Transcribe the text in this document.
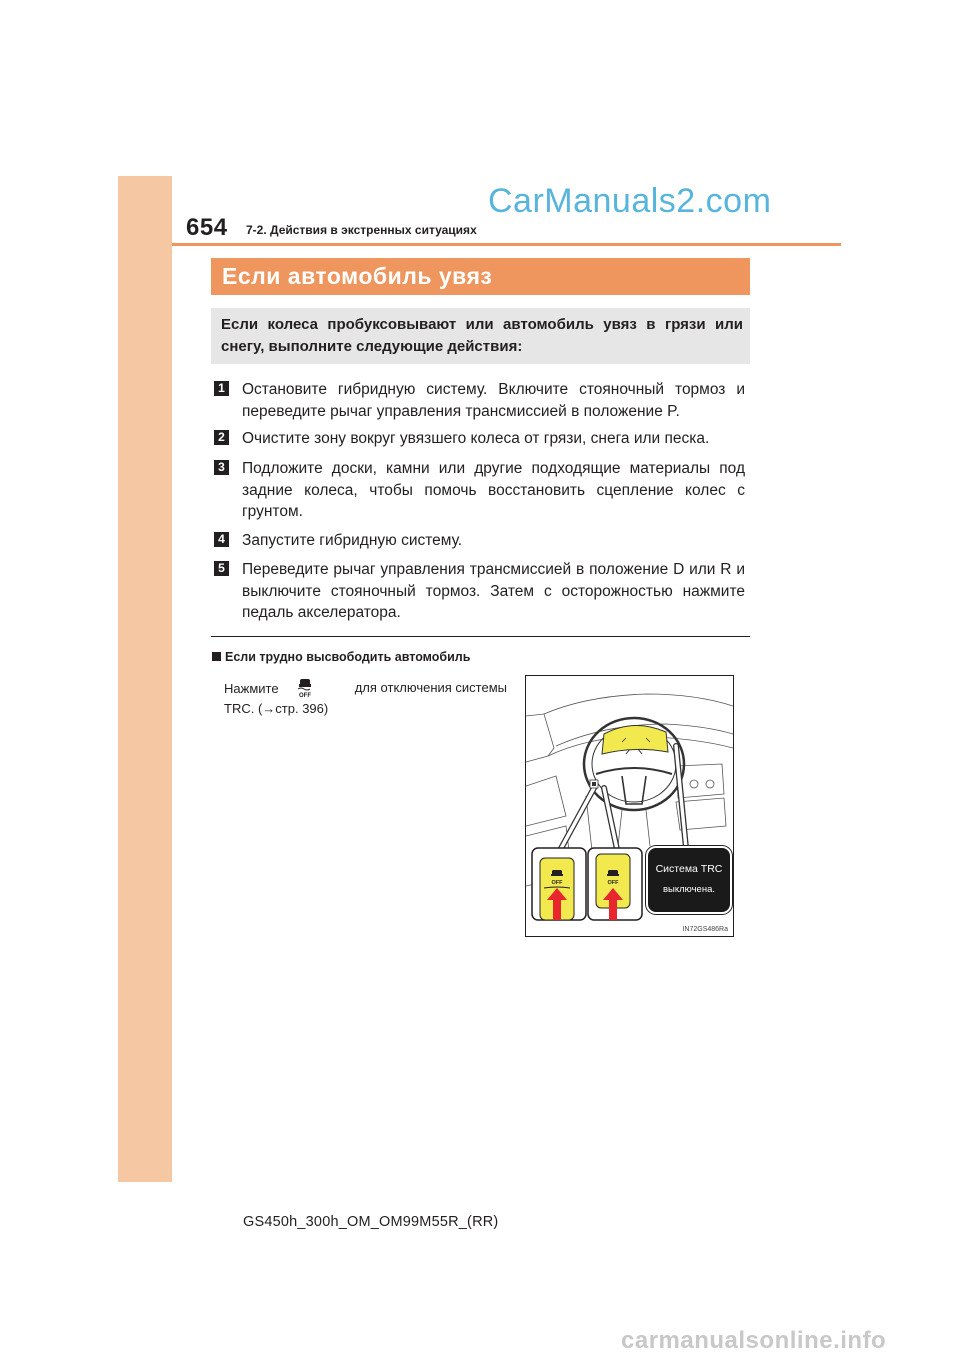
654 7-2. Действия в экстренных ситуациях
CarManuals2.com
Если автомобиль увяз
Если колеса пробуксовывают или автомобиль увяз в грязи или снегу, выполните следующие действия:
1 Остановите гибридную систему. Включите стояночный тормоз и переведите рычаг управления трансмиссией в положение P.
2 Очистите зону вокруг увязшего колеса от грязи, снега или песка.
3 Подложите доски, камни или другие подходящие материалы под задние колеса, чтобы помочь восстановить сцепление колес с грунтом.
4 Запустите гибридную систему.
5 Переведите рычаг управления трансмиссией в положение D или R и выключите стояночный тормоз. Затем с осторожностью нажмите педаль акселератора.
Если трудно высвободить автомобиль
Нажмите	OFF
для отключения системы
TRC. (→стр. 396)
OFF	OFF
Система TRC
выключена.
IN72GS486Ra
GS450h_300h_OM_OM99M55R_(RR)
carmanualsonline.info
